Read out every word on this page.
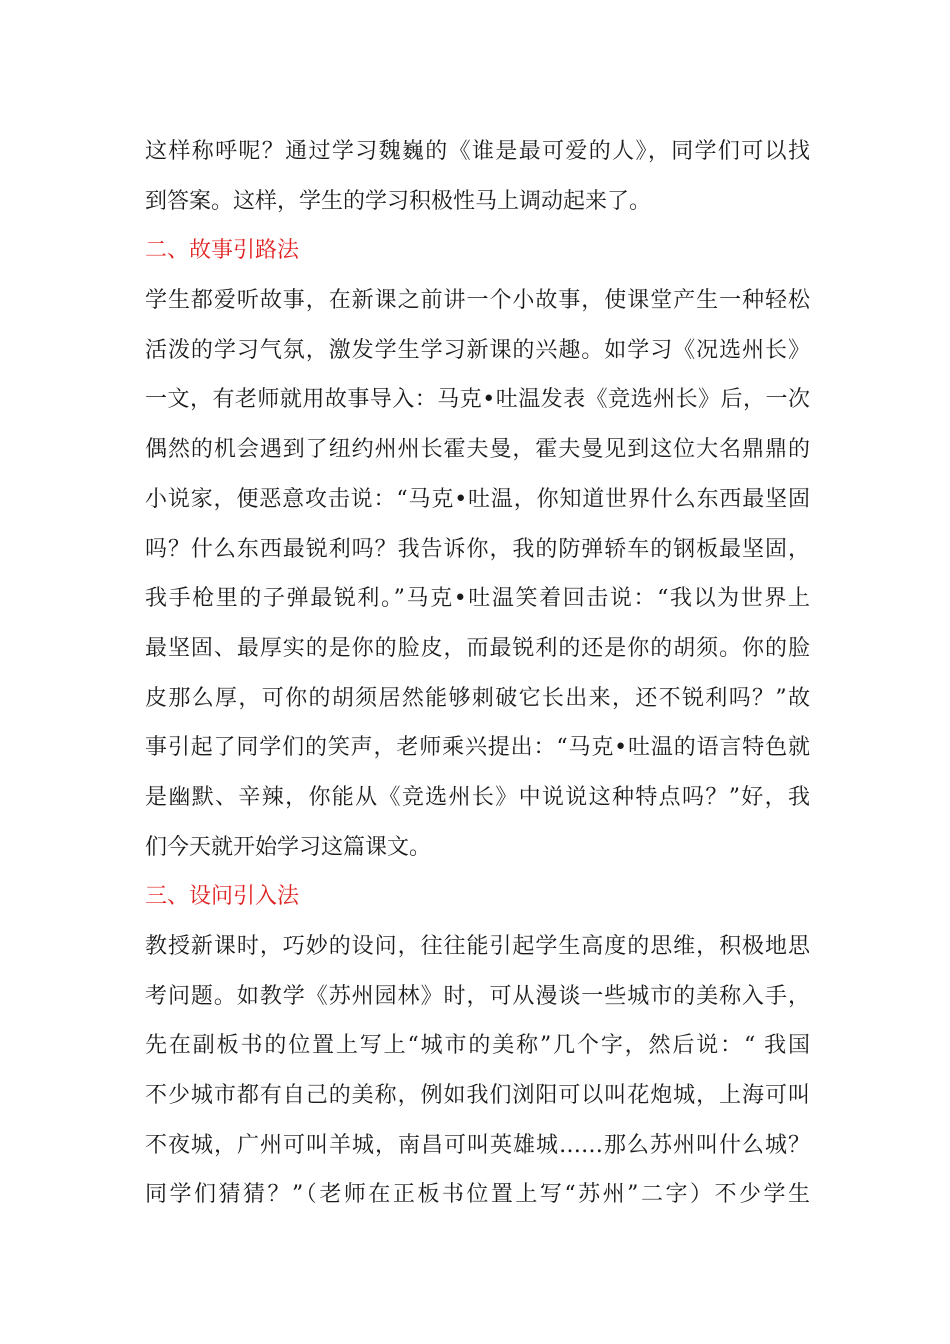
这样称呼呢？通过学习魏巍的《谁是最可爱的人》，同学们可以找
到答案。这样，学生的学习积极性马上调动起来了。
二、故事引路法
学生都爱听故事，在新课之前讲一个小故事，使课堂产生一种轻松
活泼的学习气氛，激发学生学习新课的兴趣。如学习《况选州长》
一文，有老师就用故事导入：马克•吐温发表《竞选州长》后，一次
偶然的机会遇到了纽约州州长霍夫曼，霍夫曼见到这位大名鼎鼎的
小说家，便恶意攻击说：“马克•吐温，你知道世界什么东西最坚固
吗？什么东西最锐利吗？我告诉你，我的防弹轿车的钢板最坚固，
我手枪里的子弹最锐利。”马克•吐温笑着回击说：“我以为世界上
最坚固、最厚实的是你的脸皮，而最锐利的还是你的胡须。你的脸
皮那么厚，可你的胡须居然能够刺破它长出来，还不锐利吗？”故
事引起了同学们的笑声，老师乘兴提出：“马克•吐温的语言特色就
是幽默、辛辣，你能从《竞选州长》中说说这种特点吗？”好，我
们今天就开始学习这篇课文。
三、设问引入法
教授新课时，巧妙的设问，往往能引起学生高度的思维，积极地思
考问题。如教学《苏州园林》时，可从漫谈一些城市的美称入手，
先在副板书的位置上写上“城市的美称”几个字，然后说：“ 我国
不少城市都有自己的美称，例如我们浏阳可以叫花炮城，上海可叫
不夜城，广州可叫羊城，南昌可叫英雄城……那么苏州叫什么城？
同学们猜猜？”（老师在正板书位置上写“苏州”二字）不少学生
